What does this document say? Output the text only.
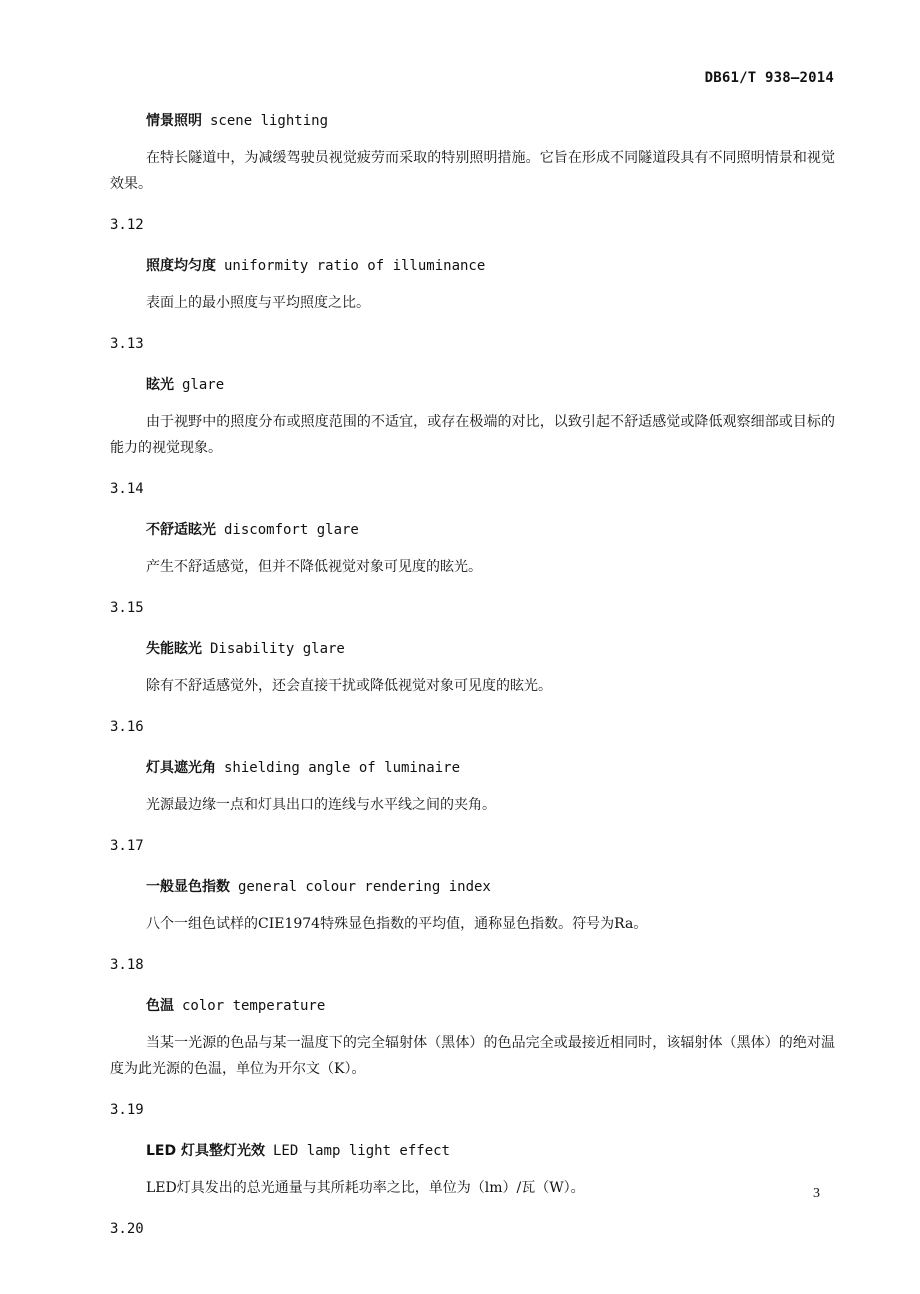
DB61/T 938—2014
情景照明 scene lighting

在特长隧道中，为减缓驾驶员视觉疲劳而采取的特别照明措施。它旨在形成不同隧道段具有不同照明情景和视觉效果。

3.12
照度均匀度 uniformity ratio of illuminance

表面上的最小照度与平均照度之比。

3.13
眩光 glare

由于视野中的照度分布或照度范围的不适宜，或存在极端的对比，以致引起不舒适感觉或降低观察细部或目标的能力的视觉现象。

3.14
不舒适眩光 discomfort glare

产生不舒适感觉，但并不降低视觉对象可见度的眩光。

3.15
失能眩光 Disability glare

除有不舒适感觉外，还会直接干扰或降低视觉对象可见度的眩光。

3.16
灯具遮光角 shielding angle of luminaire

光源最边缘一点和灯具出口的连线与水平线之间的夹角。

3.17
一般显色指数 general colour rendering index

八个一组色试样的CIE1974特殊显色指数的平均值，通称显色指数。符号为Ra。

3.18
色温 color temperature

当某一光源的色品与某一温度下的完全辐射体（黑体）的色品完全或最接近相同时，该辐射体（黑体）的绝对温度为此光源的色温，单位为开尔文（K）。

3.19
LED 灯具整灯光效 LED lamp light effect

LED灯具发出的总光通量与其所耗功率之比，单位为（lm）/瓦（W）。

3.20
3
